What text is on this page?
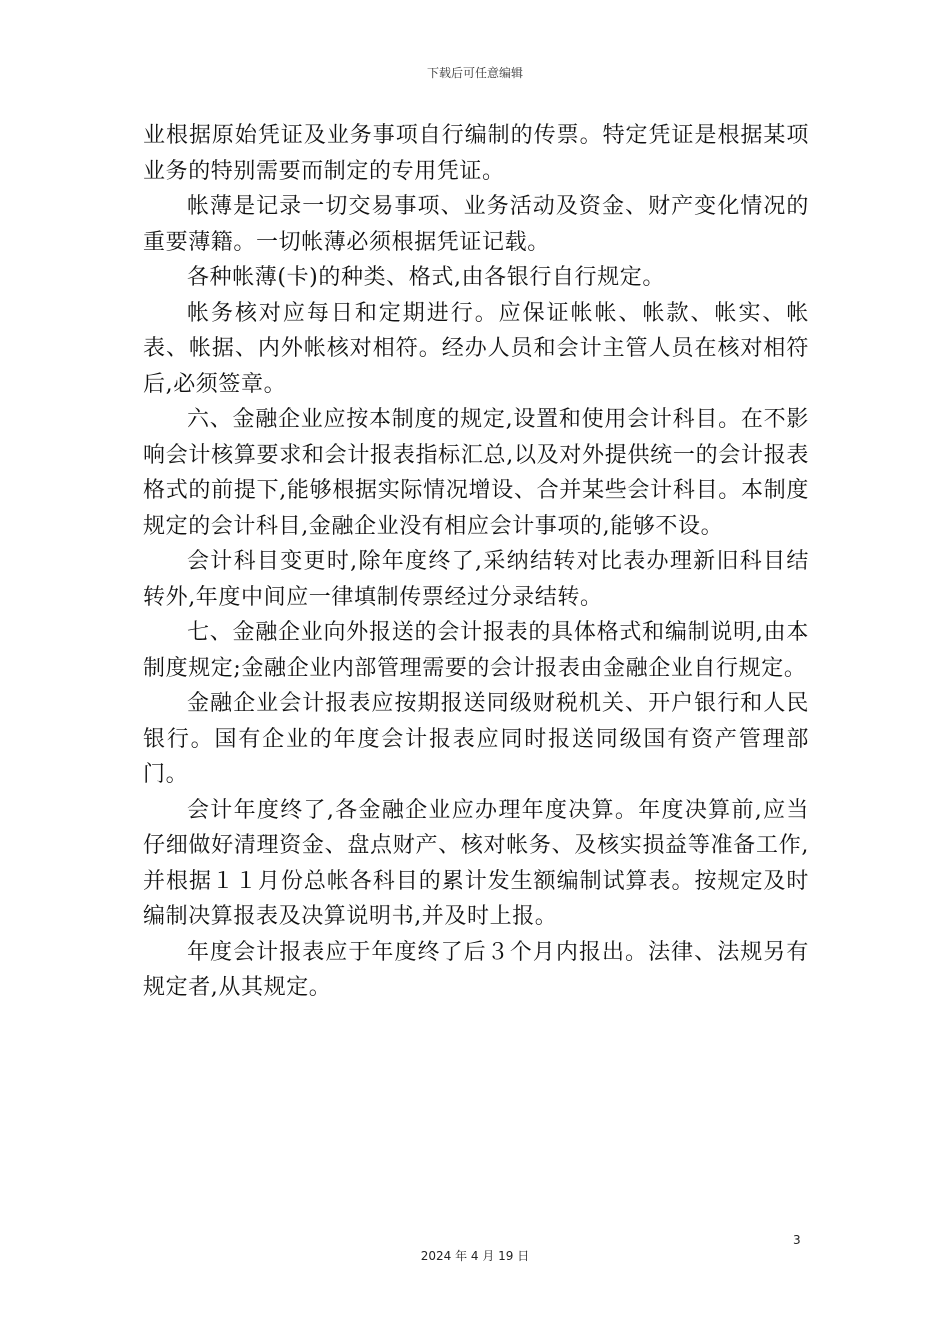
下载后可任意编辑

业根据原始凭证及业务事项自行编制的传票。特定凭证是根据某项业务的特别需要而制定的专用凭证。

帐薄是记录一切交易事项、业务活动及资金、财产变化情况的重要薄籍。一切帐薄必须根据凭证记载。

各种帐薄(卡)的种类、格式,由各银行自行规定。

帐务核对应每日和定期进行。应保证帐帐、帐款、帐实、帐表、帐据、内外帐核对相符。经办人员和会计主管人员在核对相符后,必须签章。

六、金融企业应按本制度的规定,设置和使用会计科目。在不影响会计核算要求和会计报表指标汇总,以及对外提供统一的会计报表格式的前提下,能够根据实际情况增设、合并某些会计科目。本制度规定的会计科目,金融企业没有相应会计事项的,能够不设。

会计科目变更时,除年度终了,采纳结转对比表办理新旧科目结转外,年度中间应一律填制传票经过分录结转。

七、金融企业向外报送的会计报表的具体格式和编制说明,由本制度规定;金融企业内部管理需要的会计报表由金融企业自行规定。

金融企业会计报表应按期报送同级财税机关、开户银行和人民银行。国有企业的年度会计报表应同时报送同级国有资产管理部门。

会计年度终了,各金融企业应办理年度决算。年度决算前,应当仔细做好清理资金、盘点财产、核对帐务、及核实损益等准备工作,并根据１１月份总帐各科目的累计发生额编制试算表。按规定及时编制决算报表及决算说明书,并及时上报。

年度会计报表应于年度终了后３个月内报出。法律、法规另有规定者,从其规定。

3
2024 年 4 月 19 日
